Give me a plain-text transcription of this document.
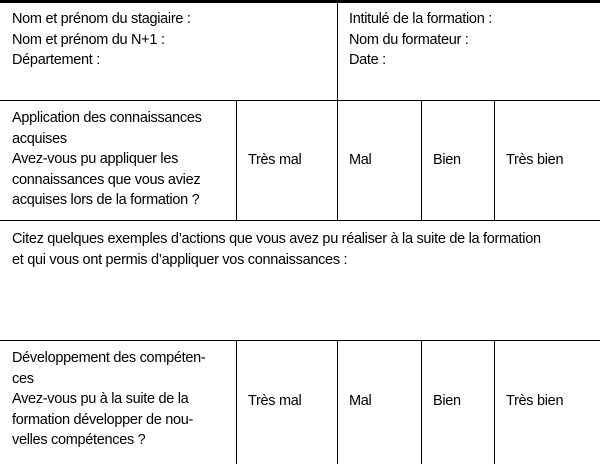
Nom et prénom du stagiaire :
Nom et prénom du N+1 :
Département :
Intitulé de la formation :
Nom du formateur :
Date :
Application des connaissances
acquises
Avez-vous pu appliquer les
connaissances que vous aviez
acquises lors de la formation ?
Très mal	Mal	Bien	Très bien
Citez quelques exemples d’actions que vous avez pu réaliser à la suite de la formation
et qui vous ont permis d’appliquer vos connaissances :
Développement des compéten-
ces
Avez-vous pu à la suite de la
formation développer de nou-
velles compétences ?
Très mal	Mal	Bien	Très bien
